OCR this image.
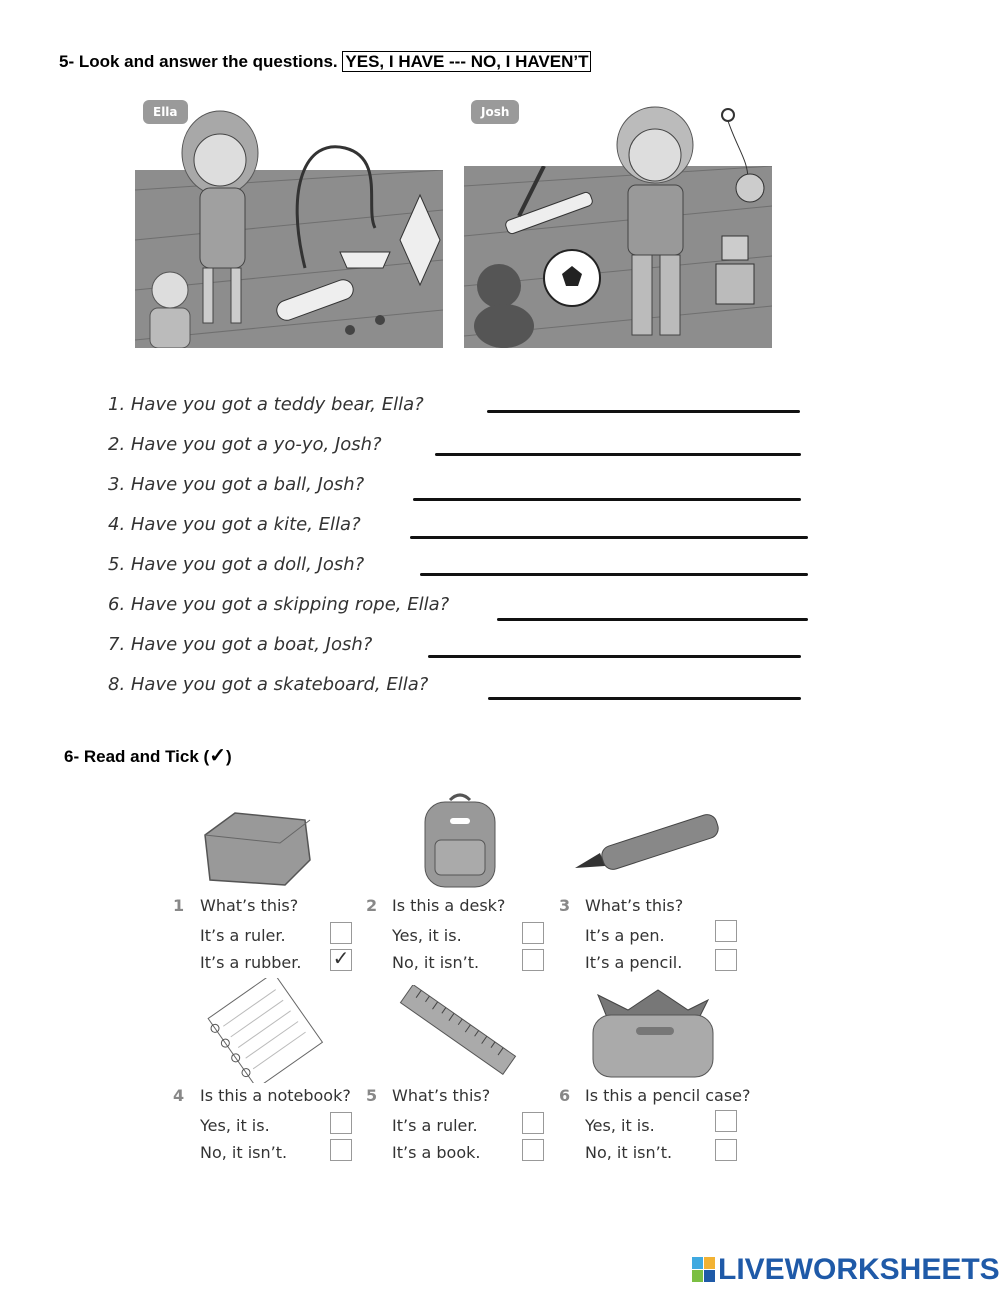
5- Look and answer the questions. YES, I HAVE --- NO, I HAVEN’T
Ella	Josh
1. Have you got a teddy bear, Ella?
2. Have you got a yo-yo, Josh?
3. Have you got a ball, Josh?
4. Have you got a kite, Ella?
5. Have you got a doll, Josh?
6. Have you got a skipping rope, Ella?
7. Have you got a boat, Josh?
8. Have you got a skateboard, Ella?
6- Read and Tick (✓)
1 What’s this?
It’s a ruler.
It’s a rubber. ✓
2 Is this a desk?
Yes, it is.
No, it isn’t.
3 What’s this?
It’s a pen.
It’s a pencil.
4 Is this a notebook?
Yes, it is.
No, it isn’t.
5 What’s this?
It’s a ruler.
It’s a book.
6 Is this a pencil case?
Yes, it is.
No, it isn’t.
LIVEWORKSHEETS
